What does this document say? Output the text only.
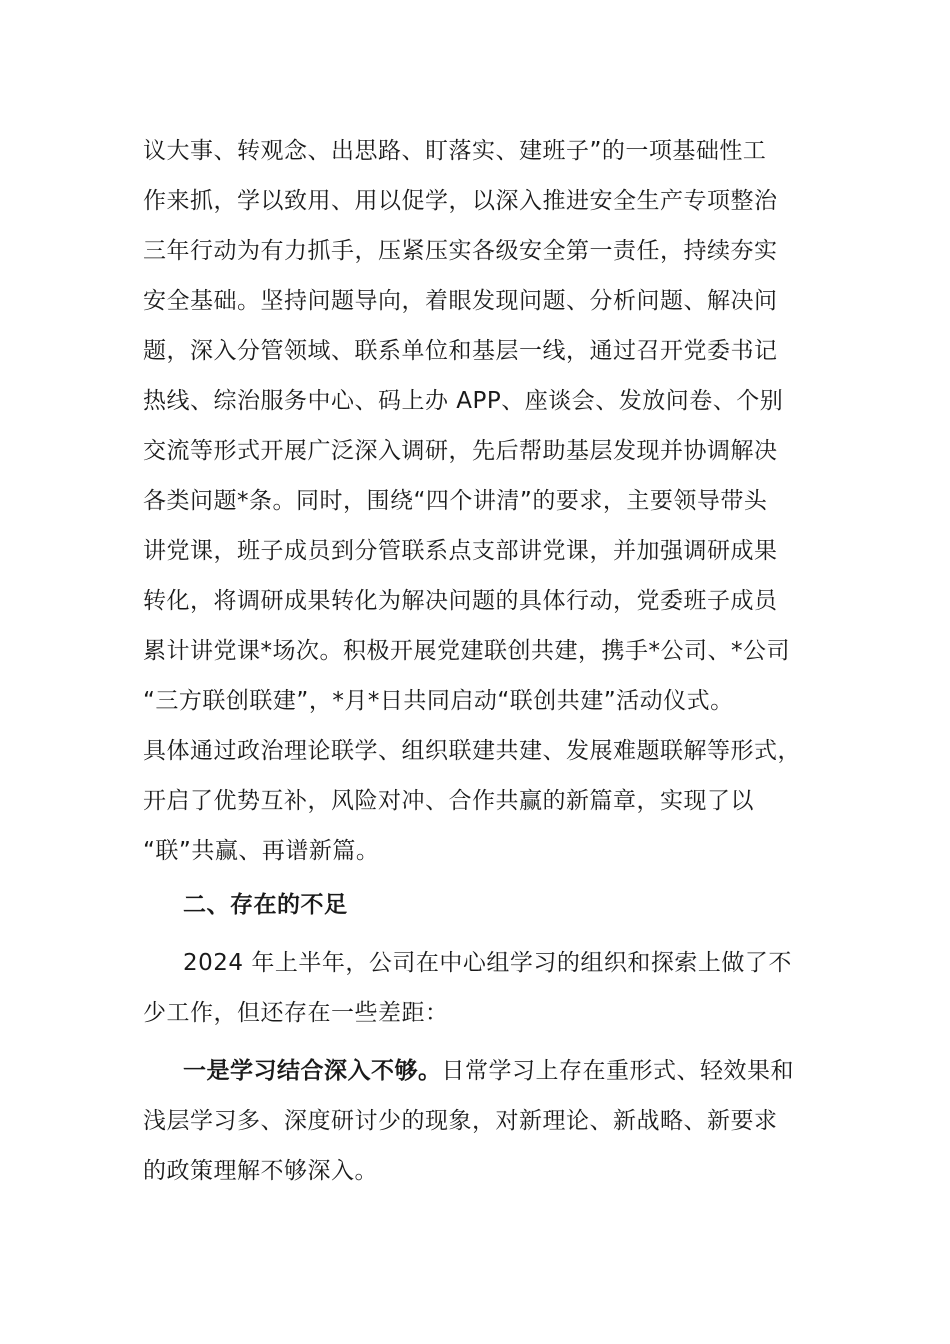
议大事、转观念、出思路、盯落实、建班子”的一项基础性工
作来抓，学以致用、用以促学，以深入推进安全生产专项整治
三年行动为有力抓手，压紧压实各级安全第一责任，持续夯实
安全基础。坚持问题导向，着眼发现问题、分析问题、解决问
题，深入分管领域、联系单位和基层一线，通过召开党委书记
热线、综治服务中心、码上办 APP、座谈会、发放问卷、个别
交流等形式开展广泛深入调研，先后帮助基层发现并协调解决
各类问题*条。同时，围绕“四个讲清”的要求，主要领导带头
讲党课，班子成员到分管联系点支部讲党课，并加强调研成果
转化，将调研成果转化为解决问题的具体行动，党委班子成员
累计讲党课*场次。积极开展党建联创共建，携手*公司、*公司
“三方联创联建”，*月*日共同启动“联创共建”活动仪式。
具体通过政治理论联学、组织联建共建、发展难题联解等形式，
开启了优势互补，风险对冲、合作共赢的新篇章，实现了以
“联”共赢、再谱新篇。
二、存在的不足
2024 年上半年，公司在中心组学习的组织和探索上做了不
少工作，但还存在一些差距：
一是学习结合深入不够。日常学习上存在重形式、轻效果和
浅层学习多、深度研讨少的现象，对新理论、新战略、新要求
的政策理解不够深入。
